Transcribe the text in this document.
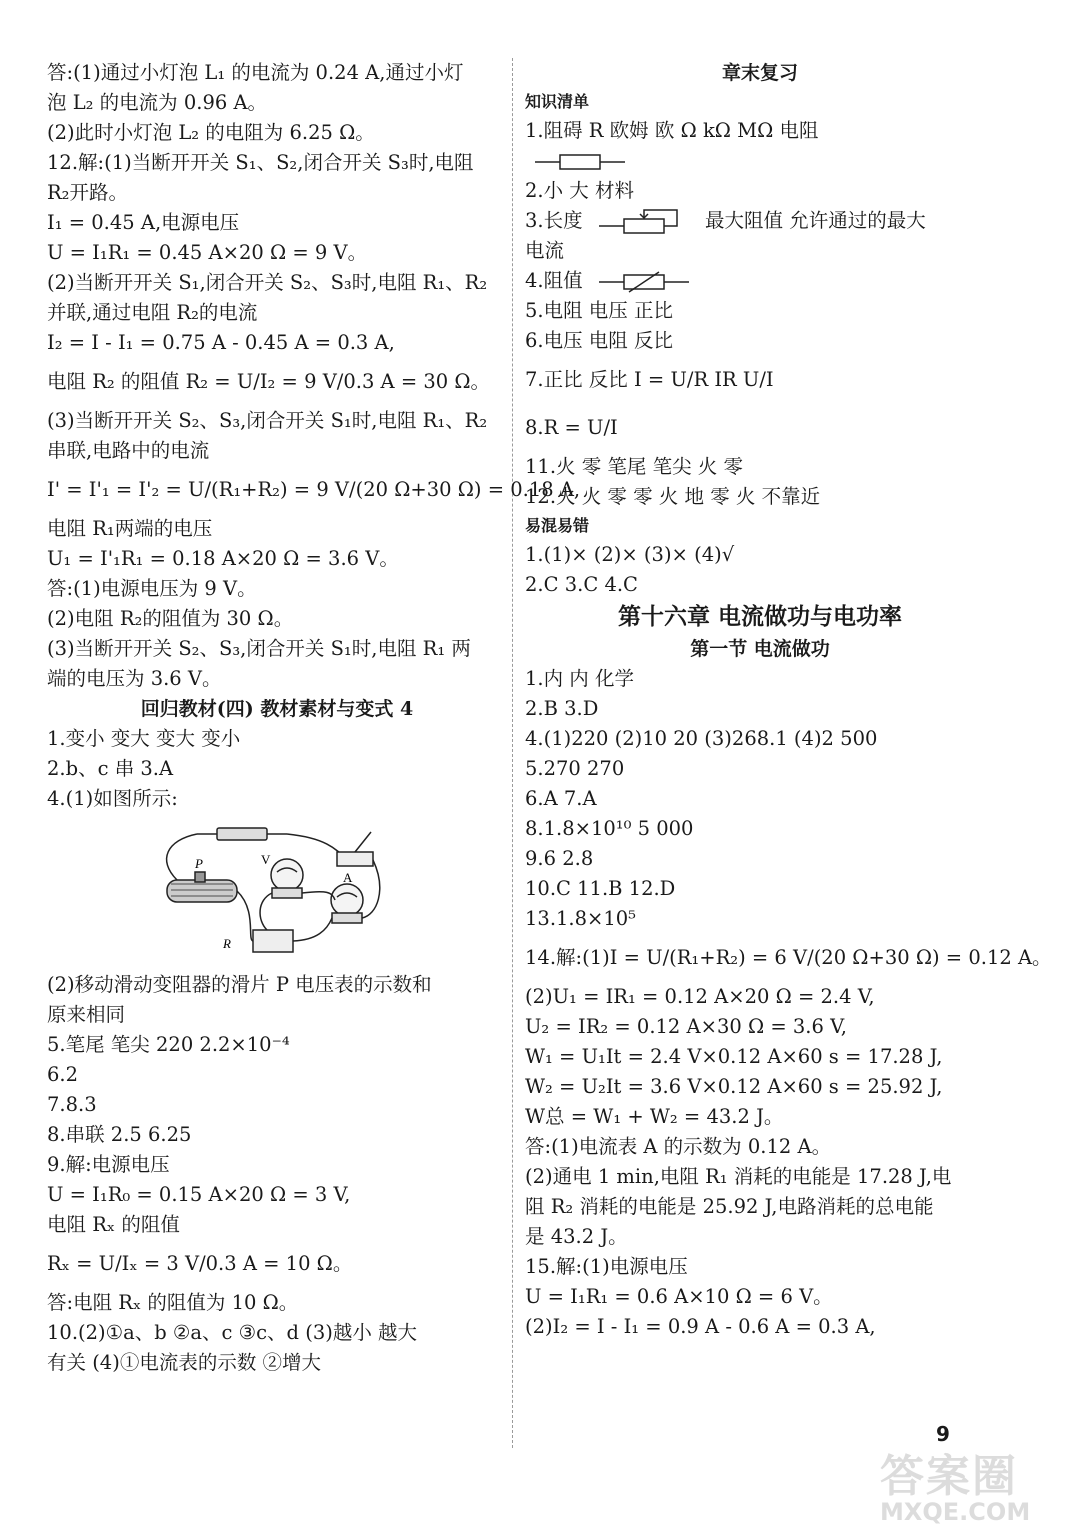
答:(1)通过小灯泡 L₁ 的电流为 0.24 A,通过小灯
泡 L₂ 的电流为 0.96 A。
(2)此时小灯泡 L₂ 的电阻为 6.25 Ω。
12.解:(1)当断开开关 S₁、S₂,闭合开关 S₃时,电阻
R₂开路。
I₁ = 0.45 A,电源电压
U = I₁R₁ = 0.45 A×20 Ω = 9 V。
(2)当断开开关 S₁,闭合开关 S₂、S₃时,电阻 R₁、R₂
并联,通过电阻 R₂的电流
I₂ = I - I₁ = 0.75 A - 0.45 A = 0.3 A,
电阻 R₂ 的阻值 R₂ = U/I₂ = 9 V/0.3 A = 30 Ω。
(3)当断开开关 S₂、S₃,闭合开关 S₁时,电阻 R₁、R₂
串联,电路中的电流
I' = I'₁ = I'₂ = U/(R₁+R₂) = 9 V/(20 Ω+30 Ω) = 0.18 A,
电阻 R₁两端的电压
U₁ = I'₁R₁ = 0.18 A×20 Ω = 3.6 V。
答:(1)电源电压为 9 V。
(2)电阻 R₂的阻值为 30 Ω。
(3)当断开开关 S₂、S₃,闭合开关 S₁时,电阻 R₁ 两
端的电压为 3.6 V。
回归教材(四) 教材素材与变式 4
1.变小 变大 变大 变小
2.b、c 串 3.A
4.(1)如图所示:
P	V
A
R
(2)移动滑动变阻器的滑片 P 电压表的示数和
原来相同
5.笔尾 笔尖 220 2.2×10⁻⁴
6.2
7.8.3
8.串联 2.5 6.25
9.解:电源电压
U = I₁R₀ = 0.15 A×20 Ω = 3 V,
电阻 Rₓ 的阻值
Rₓ = U/Iₓ = 3 V/0.3 A = 10 Ω。
答:电阻 Rₓ 的阻值为 10 Ω。
10.(2)①a、b ②a、c ③c、d (3)越小 越大
有关 (4)①电流表的示数 ②增大
章末复习
知识清单
1.阻碍 R 欧姆 欧 Ω kΩ MΩ 电阻
2.小 大 材料
3.长度	最大阻值 允许通过的最大
电流
4.阻值
5.电阻 电压 正比
6.电压 电阻 反比
7.正比 反比 I = U/R IR U/I
8.R = U/I
11.火 零 笔尾 笔尖 火 零
12.火 火 零 零 火 地 零 火 不靠近
易混易错
1.(1)× (2)× (3)× (4)√
2.C 3.C 4.C
第十六章 电流做功与电功率
第一节 电流做功
1.内 内 化学
2.B 3.D
4.(1)220 (2)10 20 (3)268.1 (4)2 500
5.270 270
6.A 7.A
8.1.8×10¹⁰ 5 000
9.6 2.8
10.C 11.B 12.D
13.1.8×10⁵
14.解:(1)I = U/(R₁+R₂) = 6 V/(20 Ω+30 Ω) = 0.12 A。
(2)U₁ = IR₁ = 0.12 A×20 Ω = 2.4 V,
U₂ = IR₂ = 0.12 A×30 Ω = 3.6 V,
W₁ = U₁It = 2.4 V×0.12 A×60 s = 17.28 J,
W₂ = U₂It = 3.6 V×0.12 A×60 s = 25.92 J,
W总 = W₁ + W₂ = 43.2 J。
答:(1)电流表 A 的示数为 0.12 A。
(2)通电 1 min,电阻 R₁ 消耗的电能是 17.28 J,电
阻 R₂ 消耗的电能是 25.92 J,电路消耗的总电能
是 43.2 J。
15.解:(1)电源电压
U = I₁R₁ = 0.6 A×10 Ω = 6 V。
(2)I₂ = I - I₁ = 0.9 A - 0.6 A = 0.3 A,
9
答案圈
MXQE.COM
